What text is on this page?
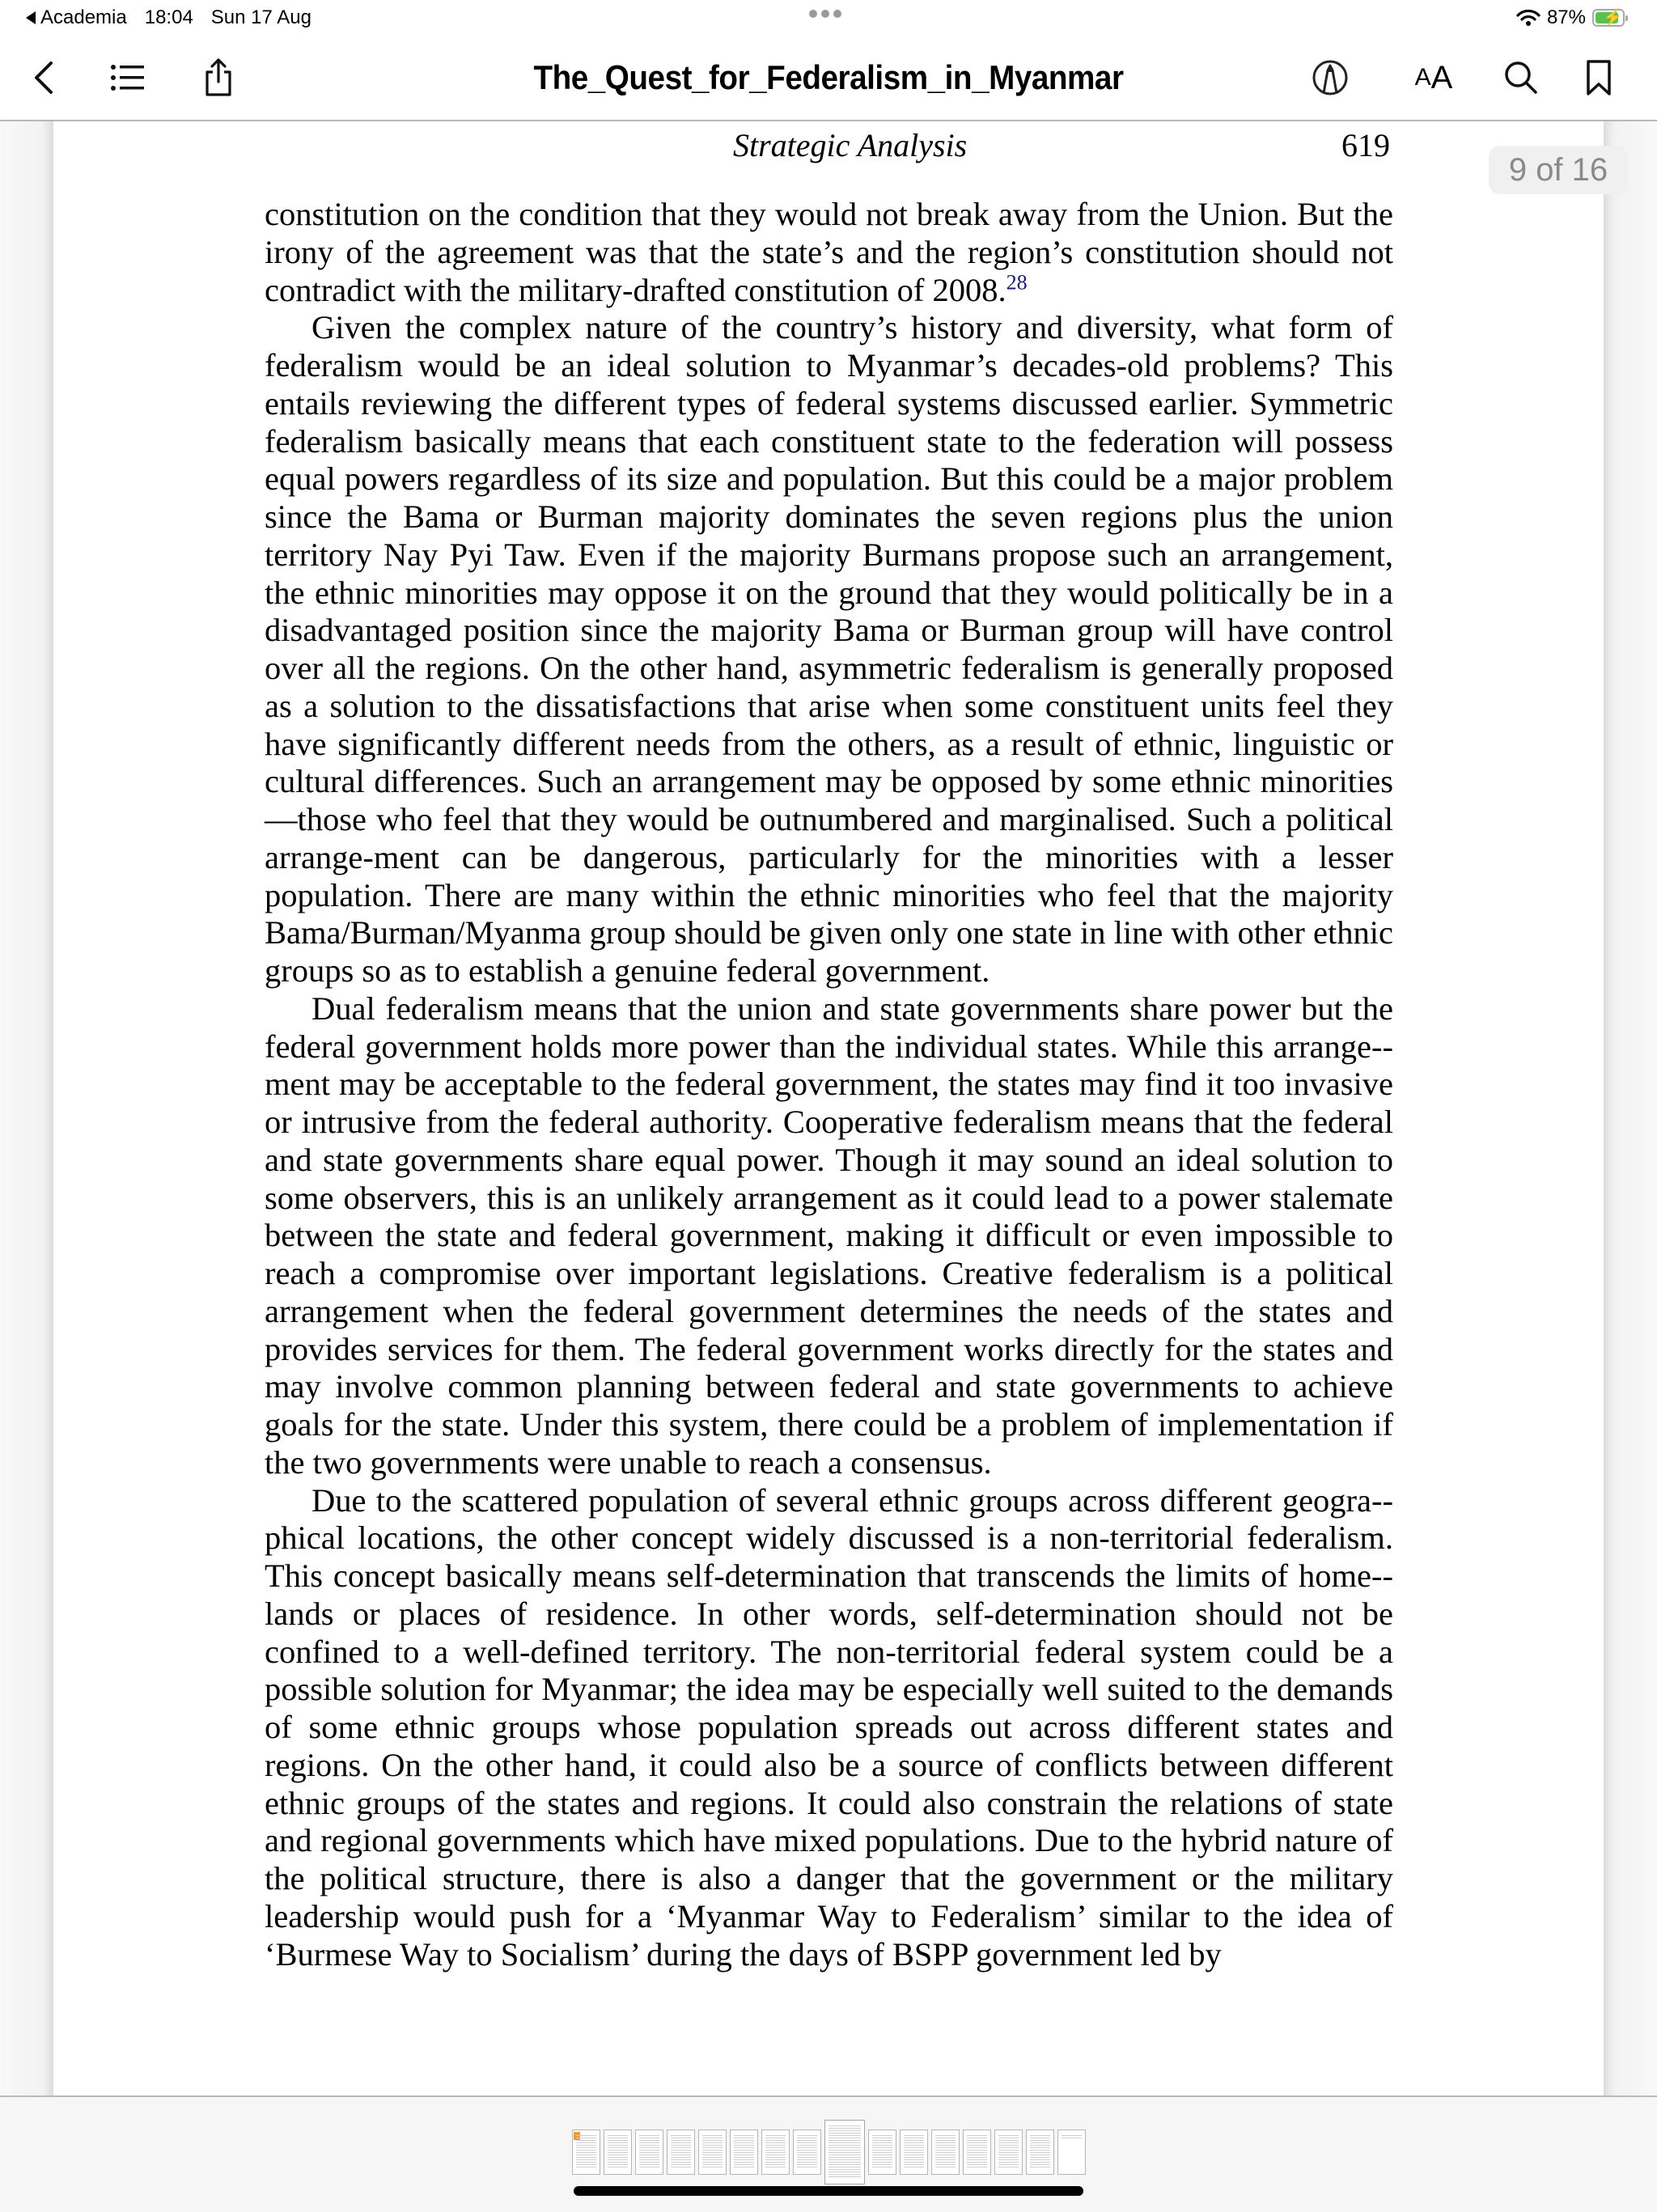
Academia 18:04 Sun 17 Aug	87% ⚡
The_Quest_for_Federalism_in_Myanmar	A A
Strategic Analysis	619

constitution on the condition that they would not break away from the Union. But the irony of the agreement was that the state’s and the region’s constitution should not contradict with the military-drafted constitution of 2008.28

Given the complex nature of the country’s history and diversity, what form of federalism would be an ideal solution to Myanmar’s decades-old problems? This entails reviewing the different types of federal systems discussed earlier. Symmetric federalism basically means that each constituent state to the federation will possess equal powers regardless of its size and population. But this could be a major problem since the Bama or Burman majority dominates the seven regions plus the union territory Nay Pyi Taw. Even if the majority Burmans propose such an arrangement, the ethnic minorities may oppose it on the ground that they would politically be in a disadvantaged position since the majority Bama or Burman group will have control over all the regions. On the other hand, asymmetric federalism is generally proposed as a solution to the dissatisfactions that arise when some constituent units feel they have significantly different needs from the others, as a result of ethnic, linguistic or cultural differences. Such an arrangement may be opposed by some ethnic minorities—those who feel that they would be outnumbered and marginalised. Such a political arrange-ment can be dangerous, particularly for the minorities with a lesser population. There are many within the ethnic minorities who feel that the majority Bama/Burman/​Myanma group should be given only one state in line with other ethnic groups so as to establish a genuine federal government.

Dual federalism means that the union and state governments share power but the federal government holds more power than the individual states. While this arrange-ment may be acceptable to the federal government, the states may find it too invasive or intrusive from the federal authority. Cooperative federalism means that the federal and state governments share equal power. Though it may sound an ideal solution to some observers, this is an unlikely arrangement as it could lead to a power stalemate between the state and federal government, making it difficult or even impossible to reach a compromise over important legislations. Creative federalism is a political arrangement when the federal government determines the needs of the states and provides services for them. The federal government works directly for the states and may involve common planning between federal and state governments to achieve goals for the state. Under this system, there could be a problem of implementation if the two governments were unable to reach a consensus.

Due to the scattered population of several ethnic groups across different geogra-phical locations, the other concept widely discussed is a non-territorial federalism. This concept basically means self-determination that transcends the limits of home-lands or places of residence. In other words, self-determination should not be confined to a well-defined territory. The non-territorial federal system could be a possible solution for Myanmar; the idea may be especially well suited to the demands of some ethnic groups whose population spreads out across different states and regions. On the other hand, it could also be a source of conflicts between different ethnic groups of the states and regions. It could also constrain the relations of state and regional governments which have mixed populations. Due to the hybrid nature of the political structure, there is also a danger that the government or the military leadership would push for a ‘Myanmar Way to Federalism’ similar to the idea of ‘Burmese Way to Socialism’ during the days of BSPP government led by

9 of 16
